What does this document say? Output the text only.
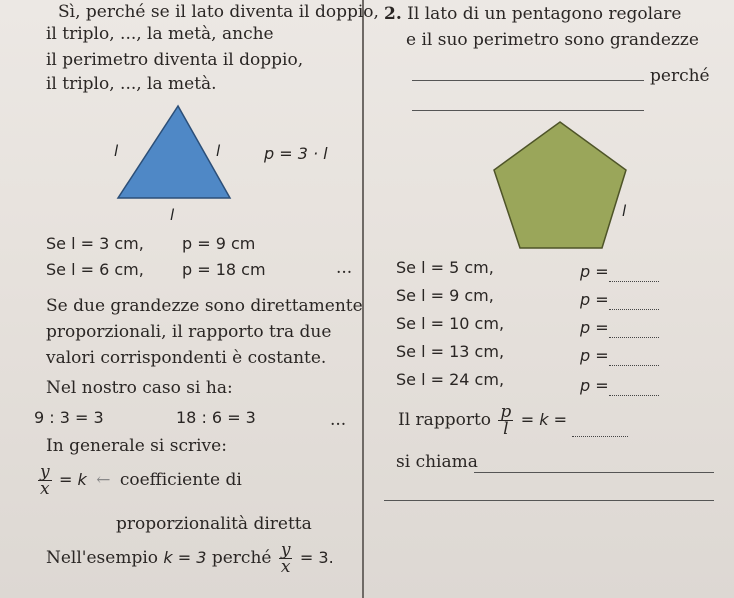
Sì, perché se il lato diventa il doppio,
il triplo, ..., la metà, anche
il perimetro diventa il doppio,
il triplo, ..., la metà.
l	l
l
p = 3 · l
Se l = 3 cm, p = 9 cm
Se l = 6 cm, p = 18 cm	...
Se due grandezze sono direttamente
proporzionali, il rapporto tra due
valori corrispondenti è costante.
Nel nostro caso si ha:
9 : 3 = 3	18 : 6 = 3	...
In generale si scrive:
$\frac{y}{x} = k$ ← coefficiente di
proporzionalità diretta
Nell'esempio k = 3 perché $\frac{y}{x} = 3$.
2. Il lato di un pentagono regolare
e il suo perimetro sono grandezze
perché
l
Se l = 5 cm,	p =
Se l = 9 cm,	p =
Se l = 10 cm,	p =
Se l = 13 cm,	p =
Se l = 24 cm,	p =
Il rapporto $\frac{p}{l} = k$ =
si chiama
